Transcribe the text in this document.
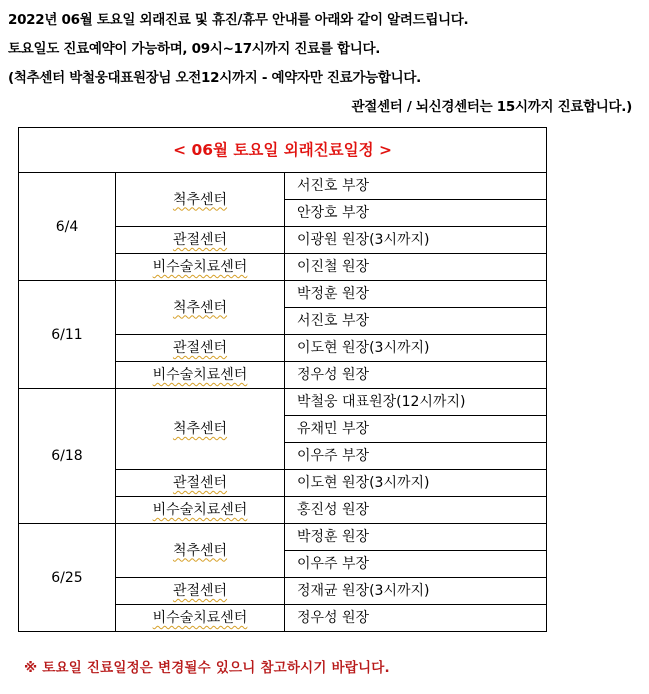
2022년 06월 토요일 외래진료 및 휴진/휴무 안내를 아래와 같이 알려드립니다.
토요일도 진료예약이 가능하며, 09시~17시까지 진료를 합니다.
(척추센터 박철웅대표원장님 오전12시까지 - 예약자만 진료가능합니다.
관절센터 / 뇌신경센터는 15시까지 진료합니다.)
< 06월 토요일 외래진료일정 >		
6/4	척추센터	서진호 부장
		안장호 부장
	관절센터	이광원 원장(3시까지)
	비수술치료센터	이진철 원장
6/11	척추센터	박정훈 원장
		서진호 부장
	관절센터	이도현 원장(3시까지)
	비수술치료센터	정우성 원장
6/18	척추센터	박철웅 대표원장(12시까지)
		유채민 부장
		이우주 부장
	관절센터	이도현 원장(3시까지)
	비수술치료센터	홍진성 원장
6/25	척추센터	박정훈 원장
		이우주 부장
	관절센터	정재균 원장(3시까지)
	비수술치료센터	정우성 원장
※ 토요일 진료일정은 변경될수 있으니 참고하시기 바랍니다.
